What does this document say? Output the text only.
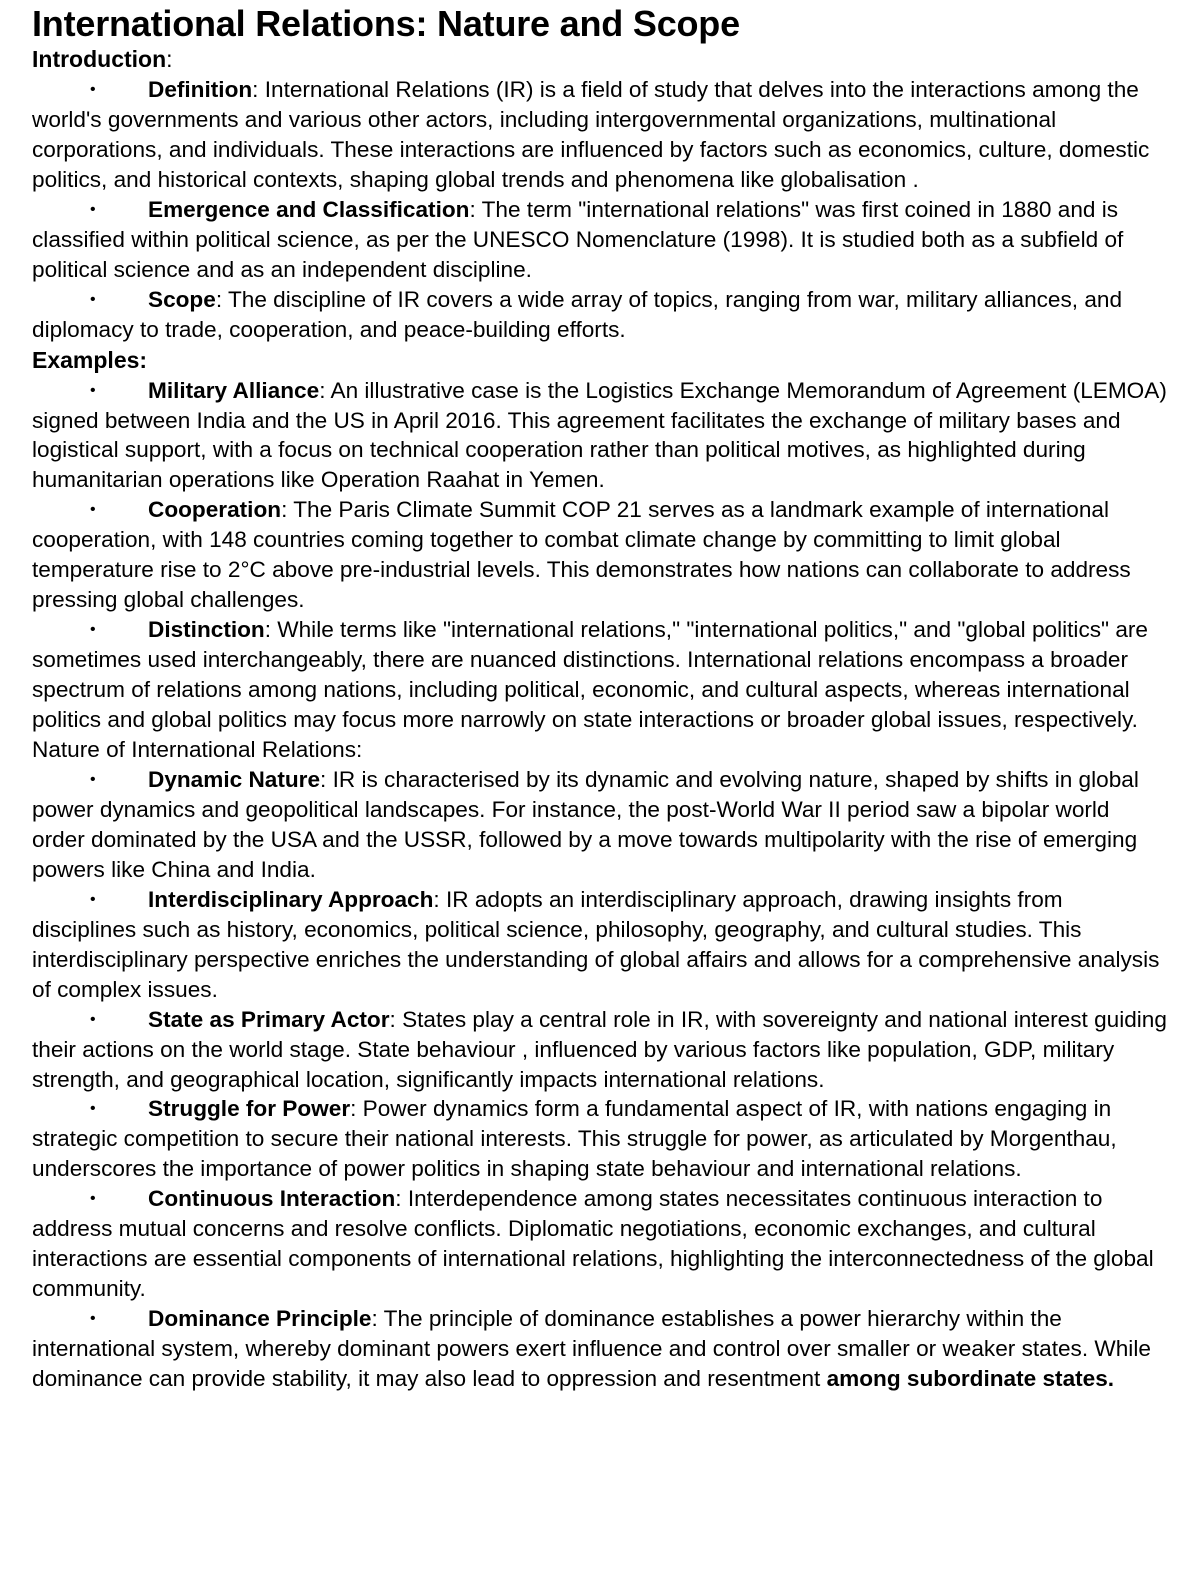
International Relations: Nature and Scope
Introduction:

• Definition: International Relations (IR) is a field of study that delves into the interactions among the world's governments and various other actors, including intergovernmental organizations, multinational corporations, and individuals. These interactions are influenced by factors such as economics, culture, domestic politics, and historical contexts, shaping global trends and phenomena like globalisation .

• Emergence and Classification: The term "international relations" was first coined in 1880 and is classified within political science, as per the UNESCO Nomenclature (1998). It is studied both as a subfield of political science and as an independent discipline.

• Scope: The discipline of IR covers a wide array of topics, ranging from war, military alliances, and diplomacy to trade, cooperation, and peace-building efforts.

Examples:

• Military Alliance: An illustrative case is the Logistics Exchange Memorandum of Agreement (LEMOA) signed between India and the US in April 2016. This agreement facilitates the exchange of military bases and logistical support, with a focus on technical cooperation rather than political motives, as highlighted during humanitarian operations like Operation Raahat in Yemen.

• Cooperation: The Paris Climate Summit COP 21 serves as a landmark example of international cooperation, with 148 countries coming together to combat climate change by committing to limit global temperature rise to 2°C above pre-industrial levels. This demonstrates how nations can collaborate to address pressing global challenges.

• Distinction: While terms like "international relations," "international politics," and "global politics" are sometimes used interchangeably, there are nuanced distinctions. International relations encompass a broader spectrum of relations among nations, including political, economic, and cultural aspects, whereas international politics and global politics may focus more narrowly on state interactions or broader global issues, respectively.

Nature of International Relations:

• Dynamic Nature: IR is characterised by its dynamic and evolving nature, shaped by shifts in global power dynamics and geopolitical landscapes. For instance, the post-World War II period saw a bipolar world order dominated by the USA and the USSR, followed by a move towards multipolarity with the rise of emerging powers like China and India.

• Interdisciplinary Approach: IR adopts an interdisciplinary approach, drawing insights from disciplines such as history, economics, political science, philosophy, geography, and cultural studies. This interdisciplinary perspective enriches the understanding of global affairs and allows for a comprehensive analysis of complex issues.

• State as Primary Actor: States play a central role in IR, with sovereignty and national interest guiding their actions on the world stage. State behaviour , influenced by various factors like population, GDP, military strength, and geographical location, significantly impacts international relations.

• Struggle for Power: Power dynamics form a fundamental aspect of IR, with nations engaging in strategic competition to secure their national interests. This struggle for power, as articulated by Morgenthau, underscores the importance of power politics in shaping state behaviour and international relations.

• Continuous Interaction: Interdependence among states necessitates continuous interaction to address mutual concerns and resolve conflicts. Diplomatic negotiations, economic exchanges, and cultural interactions are essential components of international relations, highlighting the interconnectedness of the global community.

• Dominance Principle: The principle of dominance establishes a power hierarchy within the international system, whereby dominant powers exert influence and control over smaller or weaker states. While dominance can provide stability, it may also lead to oppression and resentment among subordinate states.
